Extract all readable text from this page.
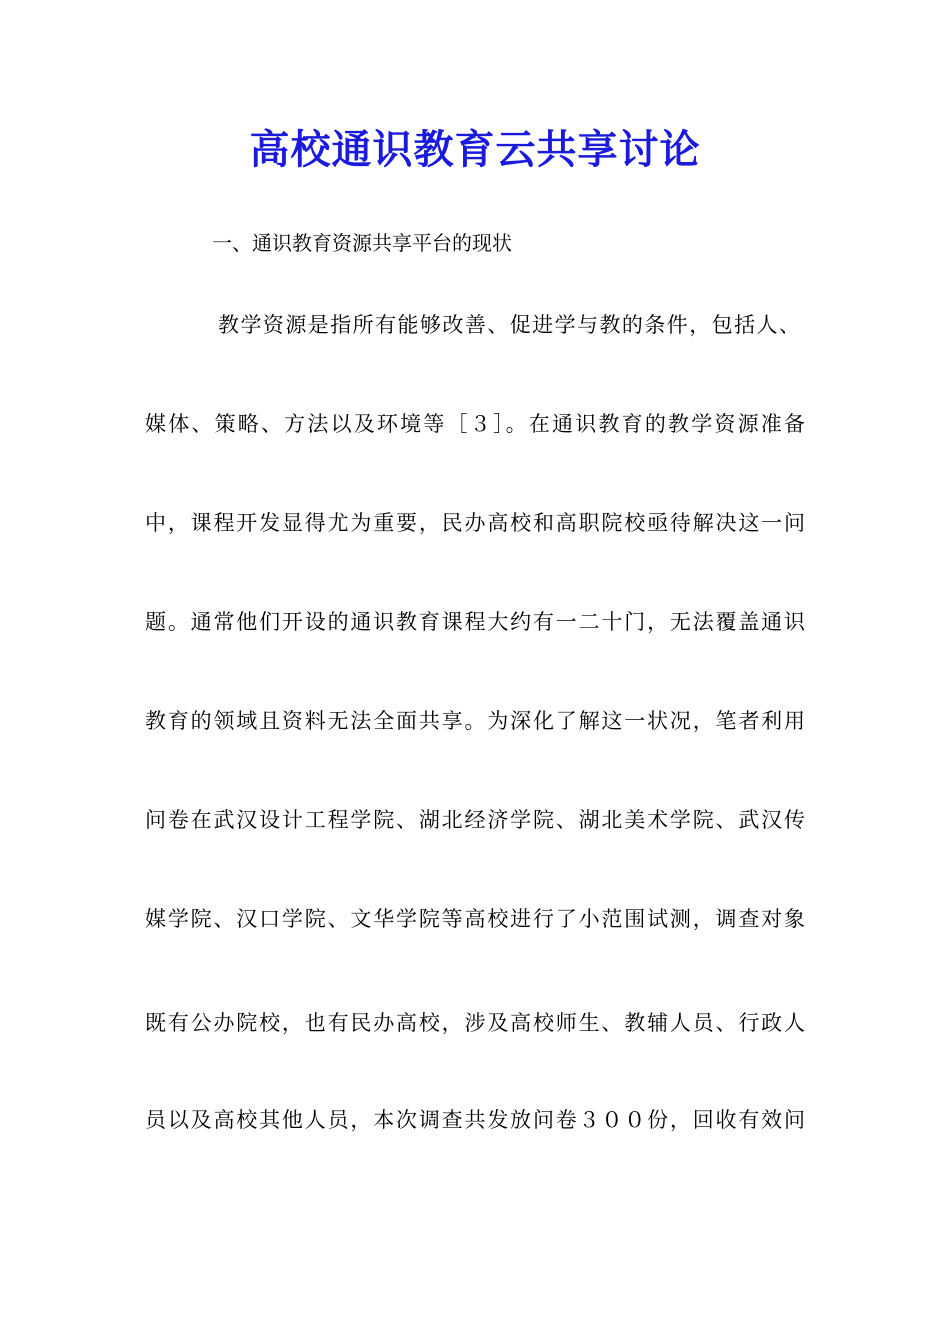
高校通识教育云共享讨论
一、通识教育资源共享平台的现状
教学资源是指所有能够改善、促进学与教的条件，包括人、
媒体、策略、方法以及环境等［３］。在通识教育的教学资源准备
中，课程开发显得尤为重要，民办高校和高职院校亟待解决这一问
题。通常他们开设的通识教育课程大约有一二十门，无法覆盖通识
教育的领域且资料无法全面共享。为深化了解这一状况，笔者利用
问卷在武汉设计工程学院、湖北经济学院、湖北美术学院、武汉传
媒学院、汉口学院、文华学院等高校进行了小范围试测，调查对象
既有公办院校，也有民办高校，涉及高校师生、教辅人员、行政人
员以及高校其他人员，本次调查共发放问卷３００份，回收有效问
